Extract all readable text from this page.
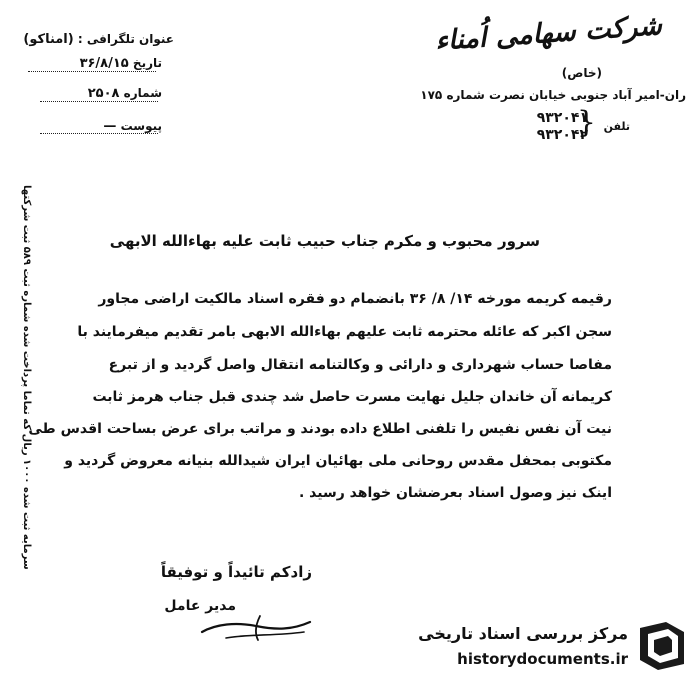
شرکت سهامی اُمناء
(خاص)
ران-امیر آباد جنوبی خیابان نصرت شماره ۱۷۵
تلفن
{
۹۳۲۰۴۱
۹۳۲۰۴۲
عنوان تلگرافی : (امناکو)
تاریخ ۳۶/۸/۱۵
شماره ۲۵۰۸
پیوست —
سرور محبوب و مکرم جناب حبیب ثابت علیه بهاءالله الابهی
رقیمه کریمه مورخه ۱۴/ ۸/ ۳۶ بانضمام دو فقره اسناد مالکیت اراضی مجاور
سجن اکبر که عائله محترمه ثابت علیهم بهاءالله الابهی بامر تقدیم میفرمایند با
مفاصا حساب شهرداری و دارائی و وکالتنامه انتقال واصل گردید و از تبرع
کریمانه آن خاندان جلیل نهایت مسرت حاصل شد چندی قبل جناب هرمز ثابت
نیت آن نفس نفیس را تلفنی اطلاع داده بودند و مراتب برای عرض بساحت اقدس طی
مکتوبی بمحفل مقدس روحانی ملی بهائیان ایران شیدالله بنیانه معروض گردید و
اینک نیز وصول اسناد بعرضشان خواهد رسید .
زادکم تائیداً و توفیقاً
مدیر عامل
سرمایه ثبت شده ۱۰۰۰ ریال که تماما پرداخت شده شماره ثبت ۵۸۹ ثبت شرکتها
مرکز بررسی اسناد تاریخی
historydocuments.ir
